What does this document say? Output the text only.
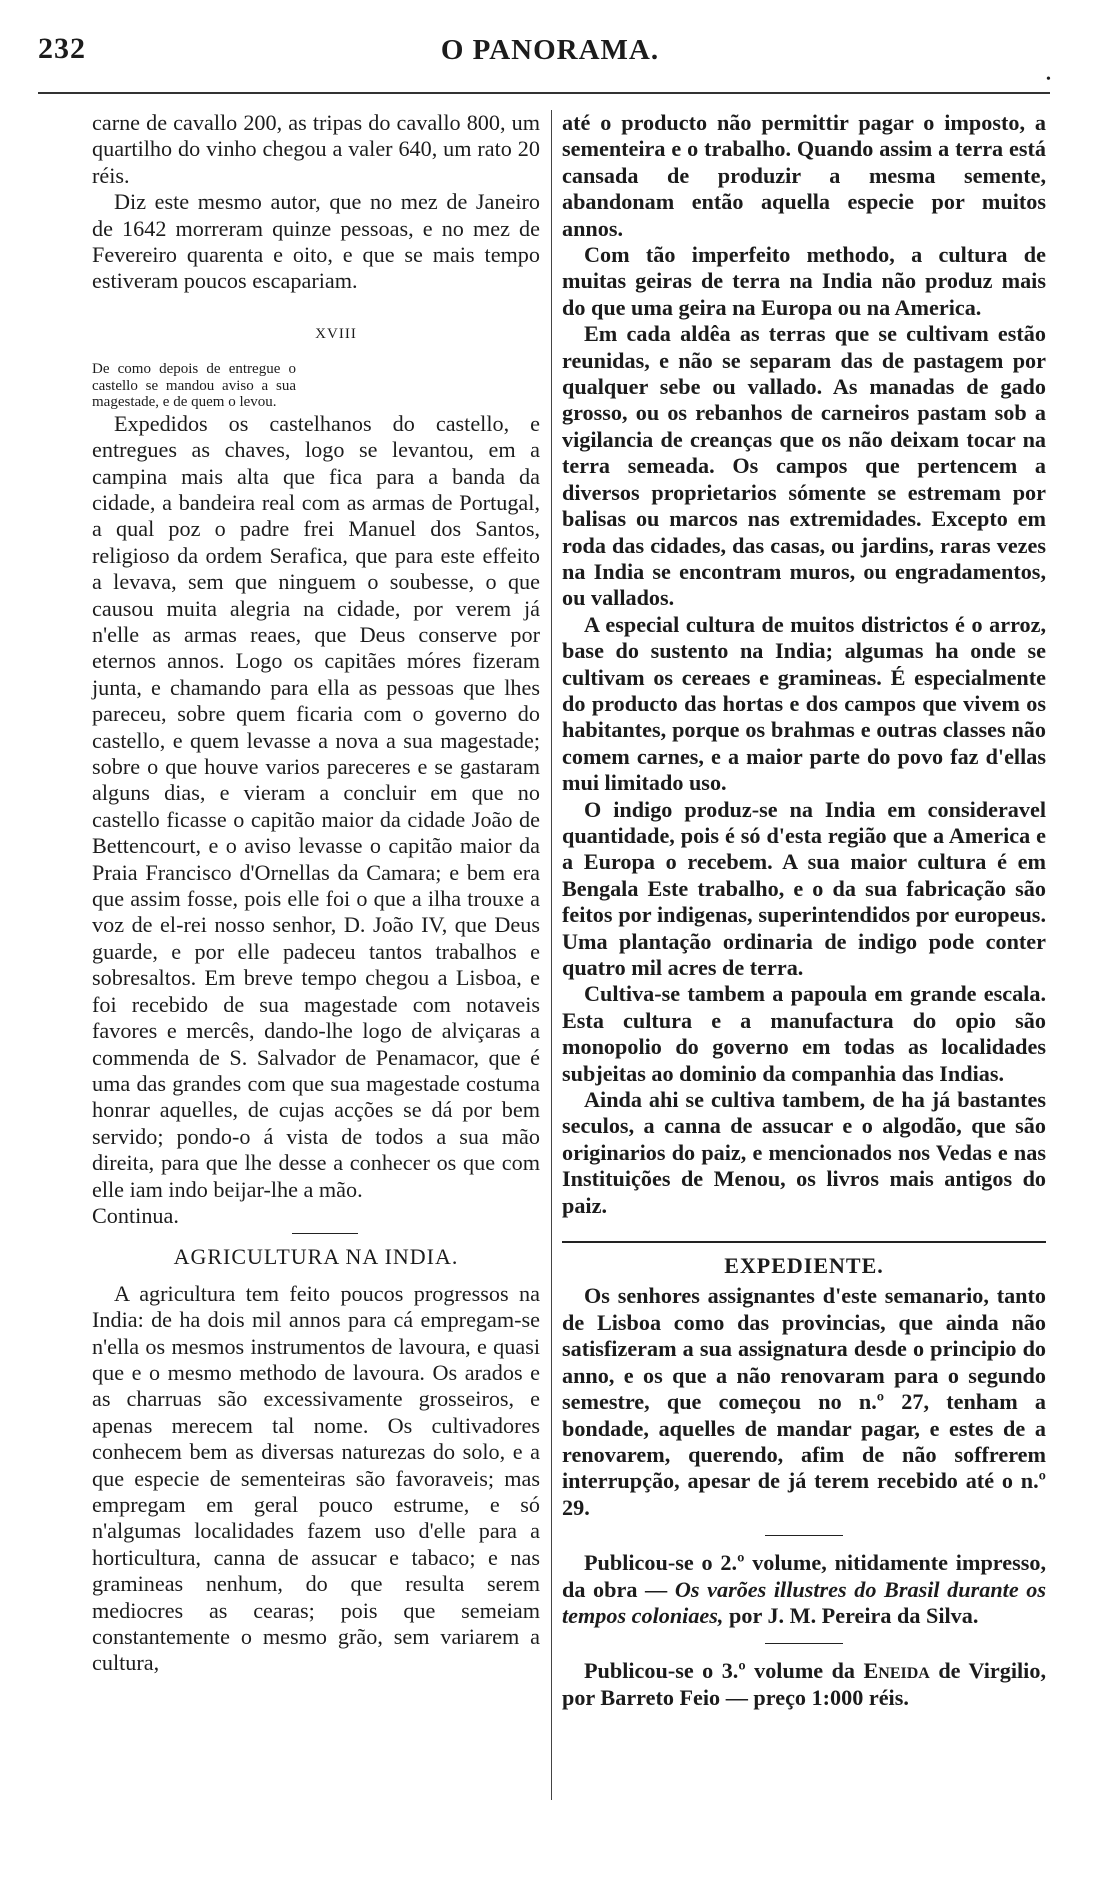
232	O PANORAMA.
•

carne de cavallo 200, as tripas do cavallo 800, um quartilho do vinho chegou a valer 640, um rato 20 réis.

Diz este mesmo autor, que no mez de Janeiro de 1642 morreram quinze pessoas, e no mez de Fevereiro quarenta e oito, e que se mais tempo estiveram poucos escapariam.

XVIII

De como depois de entregue o castello se mandou aviso a sua magestade, e de quem o levou.

Expedidos os castelhanos do castello, e entregues as chaves, logo se levantou, em a campina mais alta que fica para a banda da cidade, a bandeira real com as armas de Portugal, a qual poz o padre frei Manuel dos Santos, religioso da ordem Serafica, que para este effeito a levava, sem que ninguem o soubesse, o que causou muita alegria na cidade, por verem já n'elle as armas reaes, que Deus conserve por eternos annos. Logo os capitães móres fizeram junta, e chamando para ella as pessoas que lhes pareceu, sobre quem ficaria com o governo do castello, e quem levasse a nova a sua magestade; sobre o que houve varios pareceres e se gastaram alguns dias, e vieram a concluir em que no castello ficasse o capitão maior da cidade João de Bettencourt, e o aviso levasse o capitão maior da Praia Francisco d'Ornellas da Camara; e bem era que assim fosse, pois elle foi o que a ilha trouxe a voz de el-rei nosso senhor, D. João IV, que Deus guarde, e por elle padeceu tantos trabalhos e sobresaltos. Em breve tempo chegou a Lisboa, e foi recebido de sua magestade com notaveis favores e mercês, dando-lhe logo de alviçaras a commenda de S. Salvador de Penamacor, que é uma das grandes com que sua magestade costuma honrar aquelles, de cujas acções se dá por bem servido; pondo-o á vista de todos a sua mão direita, para que lhe desse a conhecer os que com elle iam indo beijar-lhe a mão.

Continua.

AGRICULTURA NA INDIA.

A agricultura tem feito poucos progressos na India: de ha dois mil annos para cá empregam-se n'ella os mesmos instrumentos de lavoura, e quasi que e o mesmo methodo de lavoura. Os arados e as charruas são excessivamente grosseiros, e apenas merecem tal nome. Os cultivadores conhecem bem as diversas naturezas do solo, e a que especie de sementeiras são favoraveis; mas empregam em geral pouco estrume, e só n'algumas localidades fazem uso d'elle para a horticultura, canna de assucar e tabaco; e nas gramineas nenhum, do que resulta serem mediocres as cearas; pois que semeiam constantemente o mesmo grão, sem variarem a cultura,

até o producto não permittir pagar o imposto, a sementeira e o trabalho. Quando assim a terra está cansada de produzir a mesma semente, abandonam então aquella especie por muitos annos.

Com tão imperfeito methodo, a cultura de muitas geiras de terra na India não produz mais do que uma geira na Europa ou na America.

Em cada aldêa as terras que se cultivam estão reunidas, e não se separam das de pastagem por qualquer sebe ou vallado. As manadas de gado grosso, ou os rebanhos de carneiros pastam sob a vigilancia de creanças que os não deixam tocar na terra semeada. Os campos que pertencem a diversos proprietarios sómente se estremam por balisas ou marcos nas extremidades. Excepto em roda das cidades, das casas, ou jardins, raras vezes na India se encontram muros, ou engradamentos, ou vallados.

A especial cultura de muitos districtos é o arroz, base do sustento na India; algumas ha onde se cultivam os cereaes e gramineas. É especialmente do producto das hortas e dos campos que vivem os habitantes, porque os brahmas e outras classes não comem carnes, e a maior parte do povo faz d'ellas mui limitado uso.

O indigo produz-se na India em consideravel quantidade, pois é só d'esta região que a America e a Europa o recebem. A sua maior cultura é em Bengala Este trabalho, e o da sua fabricação são feitos por indigenas, superintendidos por europeus. Uma plantação ordinaria de indigo pode conter quatro mil acres de terra.

Cultiva-se tambem a papoula em grande escala. Esta cultura e a manufactura do opio são monopolio do governo em todas as localidades subjeitas ao dominio da companhia das Indias.

Ainda ahi se cultiva tambem, de ha já bastantes seculos, a canna de assucar e o algodão, que são originarios do paiz, e mencionados nos Vedas e nas Instituições de Menou, os livros mais antigos do paiz.

EXPEDIENTE.

Os senhores assignantes d'este semanario, tanto de Lisboa como das provincias, que ainda não satisfizeram a sua assignatura desde o principio do anno, e os que a não renovaram para o segundo semestre, que começou no n.º 27, tenham a bondade, aquelles de mandar pagar, e estes de a renovarem, querendo, afim de não soffrerem interrupção, apesar de já terem recebido até o n.º 29.

Publicou-se o 2.º volume, nitidamente impresso, da obra — Os varões illustres do Brasil durante os tempos coloniaes, por J. M. Pereira da Silva.

Publicou-se o 3.º volume da Eneida de Virgilio, por Barreto Feio — preço 1:000 réis.
